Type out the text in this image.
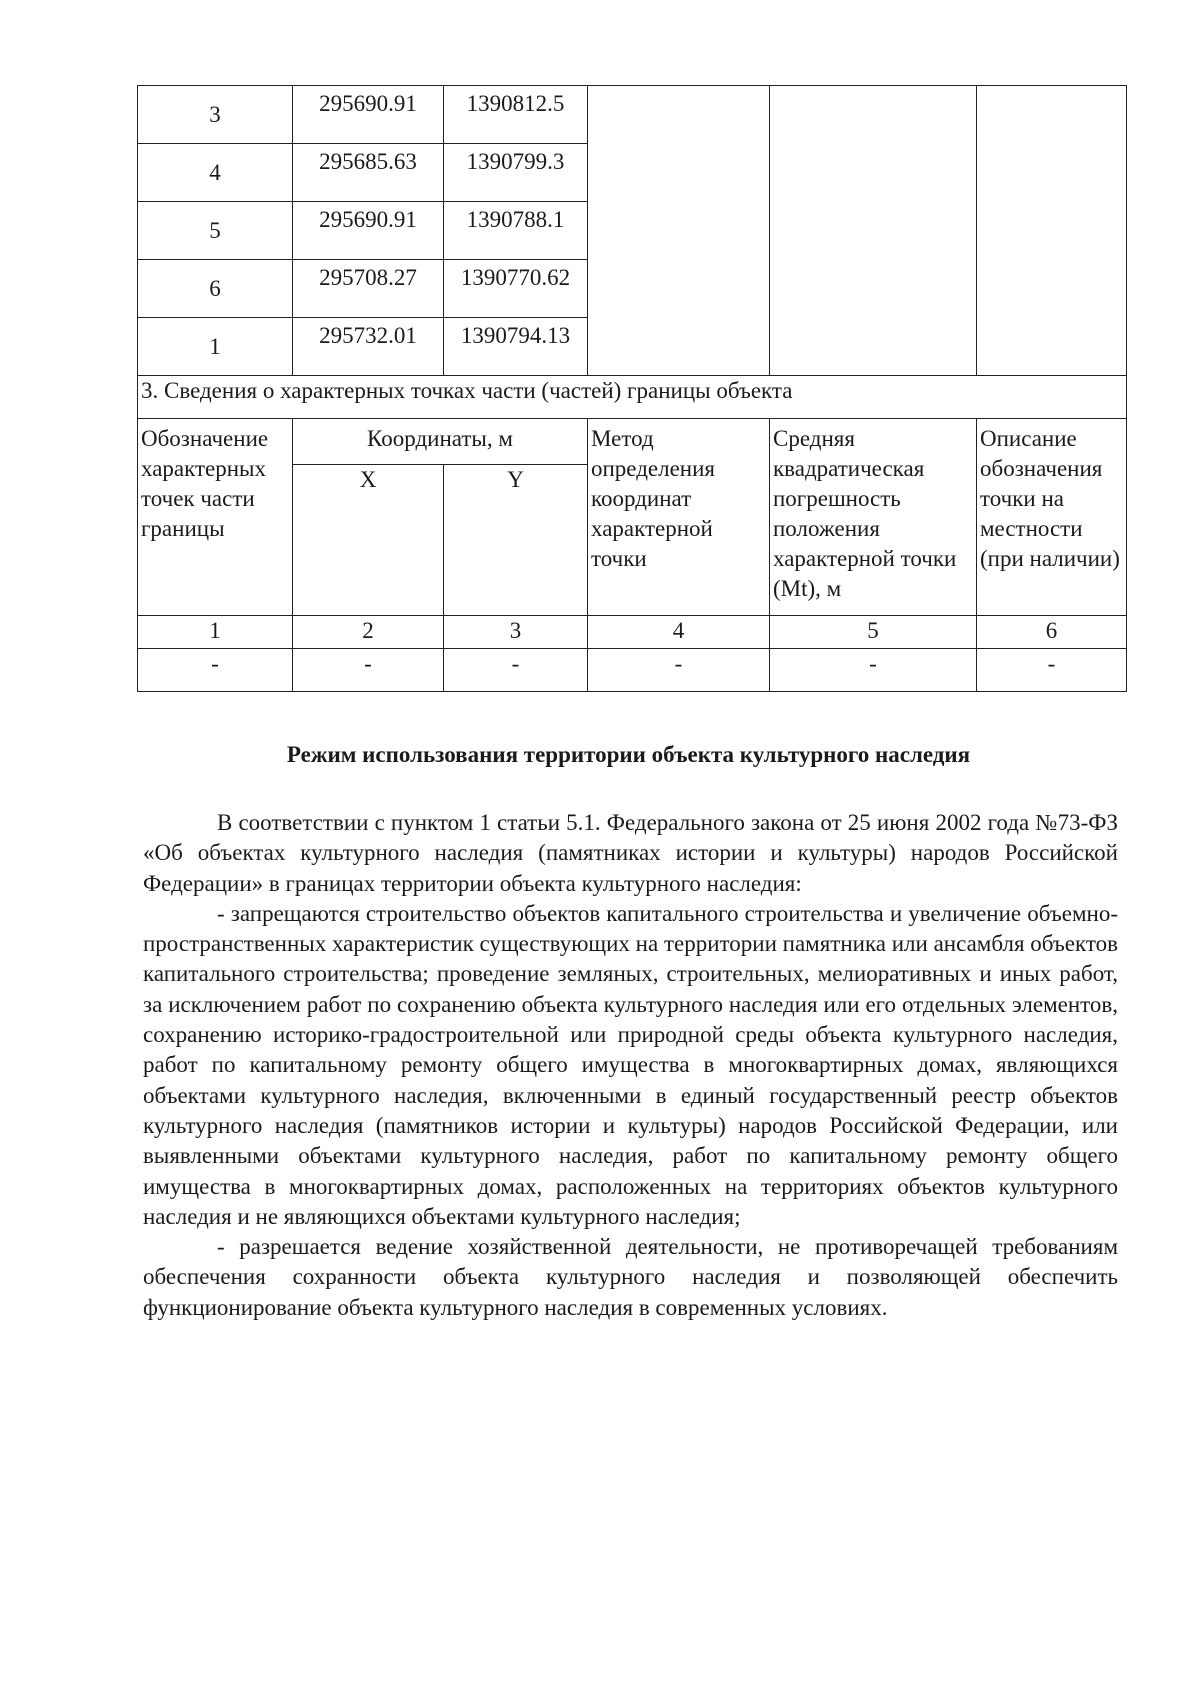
3	295690.91	1390812.5			
4	295685.63	1390799.3			
5	295690.91	1390788.1			
6	295708.27	1390770.62			
1	295732.01	1390794.13			
3. Сведения о характерных точках части (частей) границы объекта					
Обозначение характерных точек части границы	Координаты, м		Метод определения координат характерной точки	Средняя квадратическая погрешность положения характерной точки (Mt), м	Описание обозначения точки на местности (при наличии)
	X	Y			
1	2	3	4	5	6
-	-	-	-	-	-
Режим использования территории объекта культурного наследия

В соответствии с пунктом 1 статьи 5.1. Федерального закона от 25 июня 2002 года №73-ФЗ «Об объектах культурного наследия (памятниках истории и культуры) народов Российской Федерации» в границах территории объекта культурного наследия:

- запрещаются строительство объектов капитального строительства и увеличение объемно-пространственных характеристик существующих на территории памятника или ансамбля объектов капитального строительства; проведение земляных, строительных, мелиоративных и иных работ, за исключением работ по сохранению объекта культурного наследия или его отдельных элементов, сохранению историко-градостроительной или природной среды объекта культурного наследия, работ по капитальному ремонту общего имущества в многоквартирных домах, являющихся объектами культурного наследия, включенными в единый государственный реестр объектов культурного наследия (памятников истории и культуры) народов Российской Федерации, или выявленными объектами культурного наследия, работ по капитальному ремонту общего имущества в многоквартирных домах, расположенных на территориях объектов культурного наследия и не являющихся объектами культурного наследия;

- разрешается ведение хозяйственной деятельности, не противоречащей требованиям обеспечения сохранности объекта культурного наследия и позволяющей обеспечить функционирование объекта культурного наследия в современных условиях.
